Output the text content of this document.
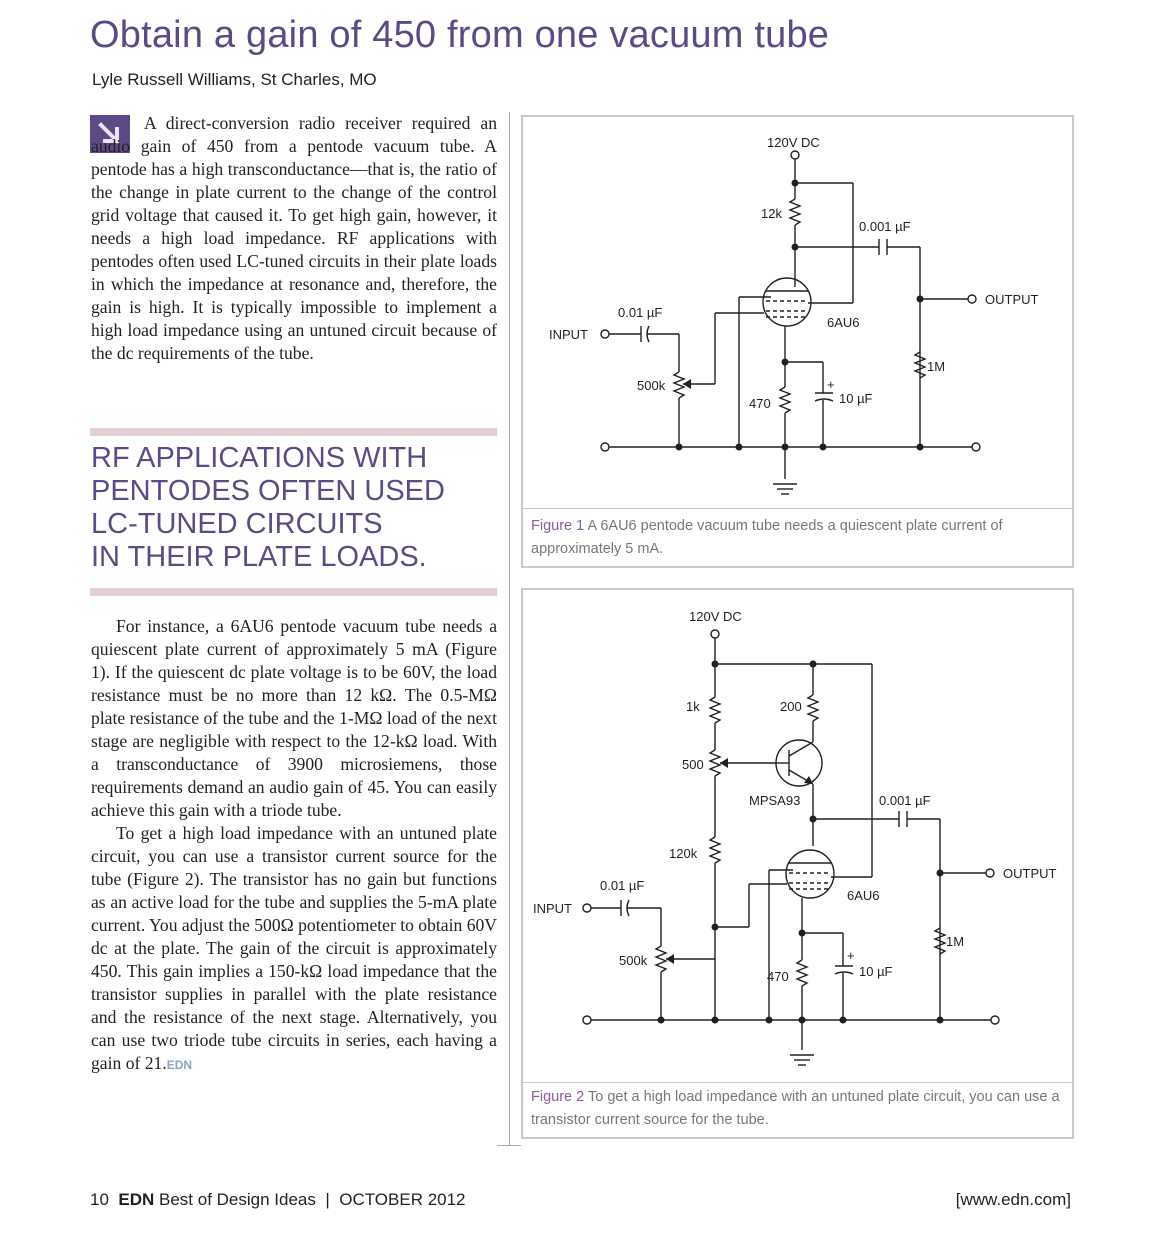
Obtain a gain of 450 from one vacuum tube
Lyle Russell Williams, St Charles, MO
A direct-conversion radio receiver required an audio gain of 450 from a pentode vacuum tube. A pentode has a high transconductance—that is, the ratio of the change in plate current to the change of the control grid voltage that caused it. To get high gain, however, it needs a high load impedance. RF applications with pentodes often used LC-tuned circuits in their plate loads in which the impedance at resonance and, therefore, the gain is high. It is typically impossible to implement a high load impedance using an untuned circuit because of the dc requirements of the tube.
RF APPLICATIONS WITH
PENTODES OFTEN USED
LC-TUNED CIRCUITS
IN THEIR PLATE LOADS.

For instance, a 6AU6 pentode vacuum tube needs a quiescent plate current of approximately 5 mA (Figure 1). If the quiescent dc plate voltage is to be 60V, the load resistance must be no more than 12 kΩ. The 0.5-MΩ plate resistance of the tube and the 1-MΩ load of the next stage are negligible with respect to the 12-kΩ load. With a transconductance of 3900 microsiemens, those requirements demand an audio gain of 45. You can easily achieve this gain with a triode tube.

To get a high load impedance with an untuned plate circuit, you can use a transistor current source for the tube (Figure 2). The transistor has no gain but functions as an active load for the tube and supplies the 5-mA plate current. You adjust the 500Ω potentiometer to obtain 60V dc at the plate. The gain of the circuit is approximately 450. This gain implies a 150-kΩ load impedance that the transistor supplies in parallel with the plate resistance and the resistance of the next stage. Alternatively, you can use two triode tube circuits in series, each having a gain of 21.EDN

120V DC
12k
0.001 µF
OUTPUT
0.01 µF
INPUT
6AU6
500k
1M
+
10 µF
470
Figure 1 A 6AU6 pentode vacuum tube needs a quiescent plate current of approximately 5 mA.
120V DC
1k	200
500
MPSA93	0.001 µF
120k
OUTPUT
0.01 µF
INPUT
6AU6
1M
500k	+
10 µF
470
Figure 2 To get a high load impedance with an untuned plate circuit, you can use a transistor current source for the tube.
10 EDN Best of Design Ideas | OCTOBER 2012	[www.edn.com]
